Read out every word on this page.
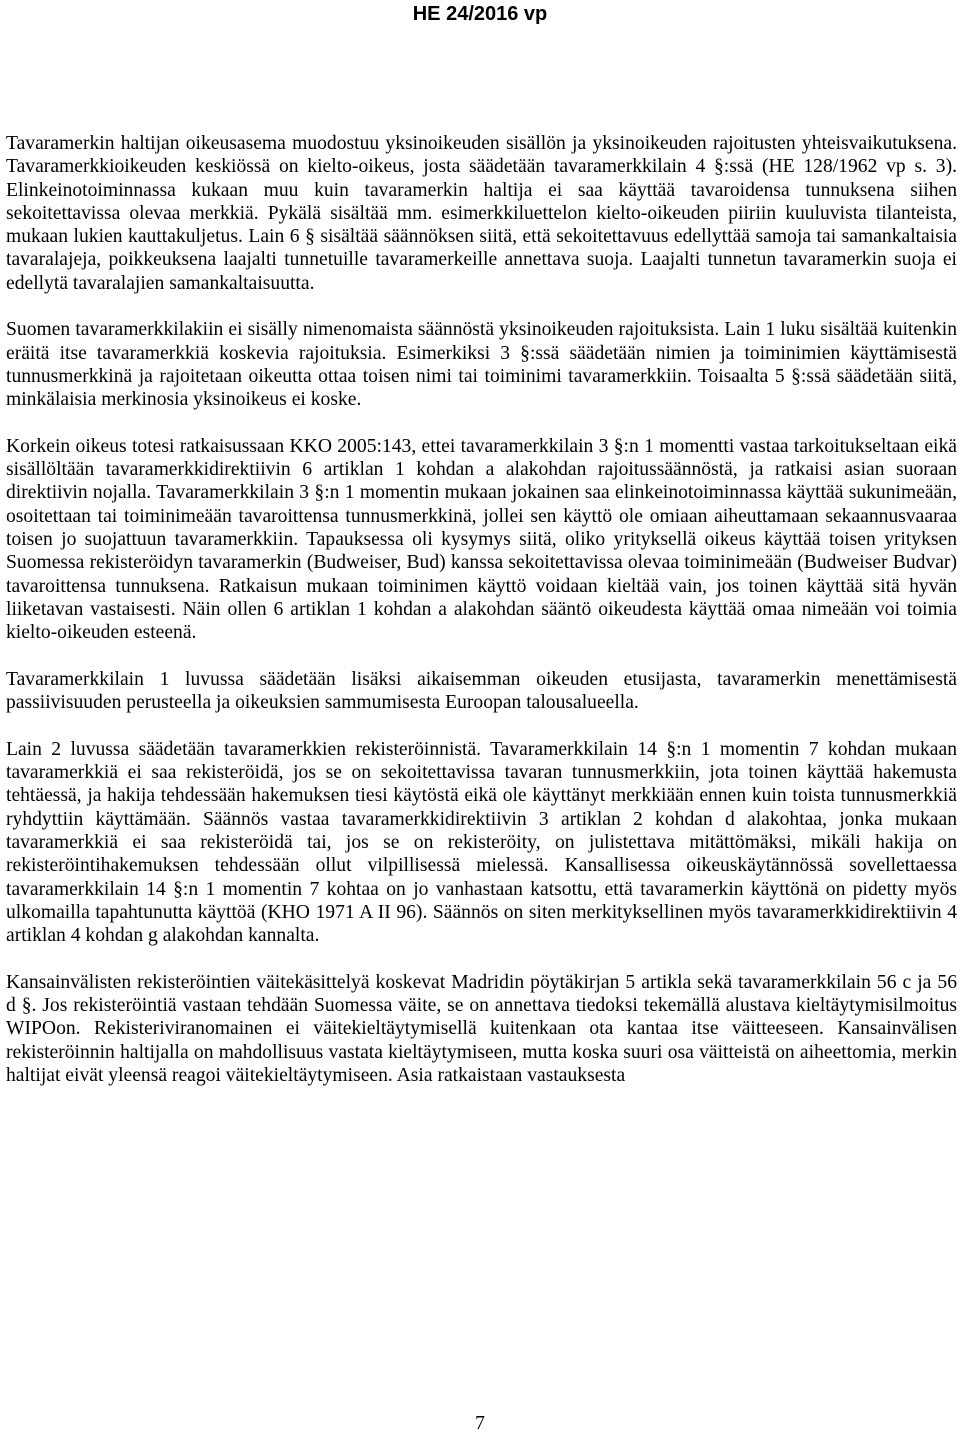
HE 24/2016 vp

Tavaramerkin haltijan oikeusasema muodostuu yksinoikeuden sisällön ja yksinoikeuden rajoitusten yhteisvaikutuksena. Tavaramerkkioikeuden keskiössä on kielto-oikeus, josta säädetään tavaramerkkilain 4 §:ssä (HE 128/1962 vp s. 3). Elinkeinotoiminnassa kukaan muu kuin tavaramerkin haltija ei saa käyttää tavaroidensa tunnuksena siihen sekoitettavissa olevaa merkkiä. Pykälä sisältää mm. esimerkkiluettelon kielto-oikeuden piiriin kuuluvista tilanteista, mukaan lukien kauttakuljetus. Lain 6 § sisältää säännöksen siitä, että sekoitettavuus edellyttää samoja tai samankaltaisia tavaralajeja, poikkeuksena laajalti tunnetuille tavaramerkeille annettava suoja. Laajalti tunnetun tavaramerkin suoja ei edellytä tavaralajien samankaltaisuutta.

Suomen tavaramerkkilakiin ei sisälly nimenomaista säännöstä yksinoikeuden rajoituksista. Lain 1 luku sisältää kuitenkin eräitä itse tavaramerkkiä koskevia rajoituksia. Esimerkiksi 3 §:ssä säädetään nimien ja toiminimien käyttämisestä tunnusmerkkinä ja rajoitetaan oikeutta ottaa toisen nimi tai toiminimi tavaramerkkiin. Toisaalta 5 §:ssä säädetään siitä, minkälaisia merkinosia yksinoikeus ei koske.

Korkein oikeus totesi ratkaisussaan KKO 2005:143, ettei tavaramerkkilain 3 §:n 1 momentti vastaa tarkoitukseltaan eikä sisällöltään tavaramerkkidirektiivin 6 artiklan 1 kohdan a alakohdan rajoitussäännöstä, ja ratkaisi asian suoraan direktiivin nojalla. Tavaramerkkilain 3 §:n 1 momentin mukaan jokainen saa elinkeinotoiminnassa käyttää sukunimeään, osoitettaan tai toiminimeään tavaroittensa tunnusmerkkinä, jollei sen käyttö ole omiaan aiheuttamaan sekaannusvaaraa toisen jo suojattuun tavaramerkkiin. Tapauksessa oli kysymys siitä, oliko yrityksellä oikeus käyttää toisen yrityksen Suomessa rekisteröidyn tavaramerkin (Budweiser, Bud) kanssa sekoitettavissa olevaa toiminimeään (Budweiser Budvar) tavaroittensa tunnuksena. Ratkaisun mukaan toiminimen käyttö voidaan kieltää vain, jos toinen käyttää sitä hyvän liiketavan vastaisesti. Näin ollen 6 artiklan 1 kohdan a alakohdan sääntö oikeudesta käyttää omaa nimeään voi toimia kielto-oikeuden esteenä.

Tavaramerkkilain 1 luvussa säädetään lisäksi aikaisemman oikeuden etusijasta, tavaramerkin menettämisestä passiivisuuden perusteella ja oikeuksien sammumisesta Euroopan talousalueella.

Lain 2 luvussa säädetään tavaramerkkien rekisteröinnistä. Tavaramerkkilain 14 §:n 1 momentin 7 kohdan mukaan tavaramerkkiä ei saa rekisteröidä, jos se on sekoitettavissa tavaran tunnusmerkkiin, jota toinen käyttää hakemusta tehtäessä, ja hakija tehdessään hakemuksen tiesi käytöstä eikä ole käyttänyt merkkiään ennen kuin toista tunnusmerkkiä ryhdyttiin käyttämään. Säännös vastaa tavaramerkkidirektiivin 3 artiklan 2 kohdan d alakohtaa, jonka mukaan tavaramerkkiä ei saa rekisteröidä tai, jos se on rekisteröity, on julistettava mitättömäksi, mikäli hakija on rekisteröintihakemuksen tehdessään ollut vilpillisessä mielessä. Kansallisessa oikeuskäytännössä sovellettaessa tavaramerkkilain 14 §:n 1 momentin 7 kohtaa on jo vanhastaan katsottu, että tavaramerkin käyttönä on pidetty myös ulkomailla tapahtunutta käyttöä (KHO 1971 A II 96). Säännös on siten merkityksellinen myös tavaramerkkidirektiivin 4 artiklan 4 kohdan g alakohdan kannalta.

Kansainvälisten rekisteröintien väitekäsittelyä koskevat Madridin pöytäkirjan 5 artikla sekä tavaramerkkilain 56 c ja 56 d §. Jos rekisteröintiä vastaan tehdään Suomessa väite, se on annettava tiedoksi tekemällä alustava kieltäytymisilmoitus WIPOon. Rekisteriviranomainen ei väitekieltäytymisellä kuitenkaan ota kantaa itse väitteeseen. Kansainvälisen rekisteröinnin haltijalla on mahdollisuus vastata kieltäytymiseen, mutta koska suuri osa väitteistä on aiheettomia, merkin haltijat eivät yleensä reagoi väitekieltäytymiseen. Asia ratkaistaan vastauksesta

7
